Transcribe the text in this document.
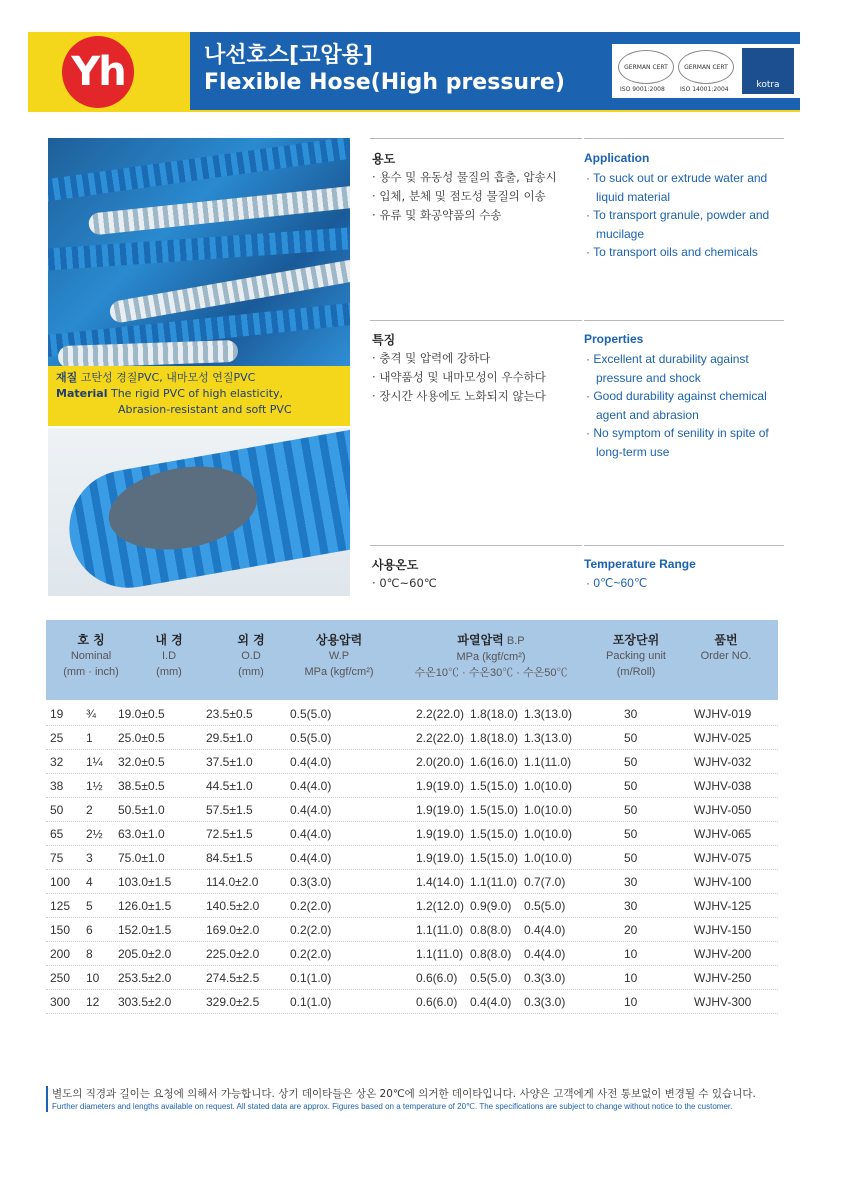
Yh	나선호스[고압용]
Flexible Hose(High pressure)
GERMAN CERT	GERMAN CERT
ISO 9001:2008	ISO 14001:2004	kotra
재질 고탄성 경질PVC, 내마모성 연질PVC
Material The rigid PVC of high elasticity,
Abrasion-resistant and soft PVC
용도
· 용수 및 유동성 물질의 흡출, 압송시
· 입체, 분체 및 점도성 물질의 이송
· 유류 및 화공약품의 수송
Application
· To suck out or extrude water and liquid material
· To transport granule, powder and mucilage
· To transport oils and chemicals
특징
· 충격 및 압력에 강하다
· 내약품성 및 내마모성이 우수하다
· 장시간 사용에도 노화되지 않는다
Properties
· Excellent at durability against pressure and shock
· Good durability against chemical agent and abrasion
· No symptom of senility in spite of long-term use
사용온도
· 0℃~60℃
Temperature Range
· 0℃~60℃
호 칭
Nominal
(mm · inch)
내 경
I.D
(mm)
외 경
O.D
(mm)
상용압력
W.P
MPa (kgf/cm²)
파열압력 B.P
MPa (kgf/cm²)
수온10℃ · 수온30℃ · 수온50℃
포장단위
Packing unit
(m/Roll)
품번
Order NO.
19 ¾ 19.0±0.5	23.5±0.5	0.5(5.0)	2.2(22.0) 1.8(18.0) 1.3(13.0)	30	WJHV-019
25 1 25.0±0.5	29.5±1.0	0.5(5.0)	2.2(22.0) 1.8(18.0) 1.3(13.0)	50	WJHV-025
32 1¼ 32.0±0.5	37.5±1.0	0.4(4.0)	2.0(20.0) 1.6(16.0) 1.1(11.0)	50	WJHV-032
38 1½ 38.5±0.5	44.5±1.0	0.4(4.0)	1.9(19.0) 1.5(15.0) 1.0(10.0)	50	WJHV-038
50 2 50.5±1.0	57.5±1.5	0.4(4.0)	1.9(19.0) 1.5(15.0) 1.0(10.0)	50	WJHV-050
65 2½ 63.0±1.0	72.5±1.5	0.4(4.0)	1.9(19.0) 1.5(15.0) 1.0(10.0)	50	WJHV-065
75 3 75.0±1.0	84.5±1.5	0.4(4.0)	1.9(19.0) 1.5(15.0) 1.0(10.0)	50	WJHV-075
100 4 103.0±1.5	114.0±2.0	0.3(3.0)	1.4(14.0) 1.1(11.0) 0.7(7.0)	30	WJHV-100
125 5 126.0±1.5	140.5±2.0	0.2(2.0)	1.2(12.0) 0.9(9.0) 0.5(5.0)	30	WJHV-125
150 6 152.0±1.5	169.0±2.0	0.2(2.0)	1.1(11.0) 0.8(8.0) 0.4(4.0)	20	WJHV-150
200 8 205.0±2.0	225.0±2.0	0.2(2.0)	1.1(11.0) 0.8(8.0) 0.4(4.0)	10	WJHV-200
250 10 253.5±2.0	274.5±2.5	0.1(1.0)	0.6(6.0) 0.5(5.0) 0.3(3.0)	10	WJHV-250
300 12 303.5±2.0	329.0±2.5	0.1(1.0)	0.6(6.0) 0.4(4.0) 0.3(3.0)	10	WJHV-300
별도의 직경과 길이는 요청에 의해서 가능합니다. 상기 데이타들은 상온 20℃에 의거한 데이타입니다. 사양은 고객에게 사전 통보없이 변경될 수 있습니다.
Further diameters and lengths available on request. All stated data are approx. Figures based on a temperature of 20℃. The specifications are subject to change without notice to the customer.
